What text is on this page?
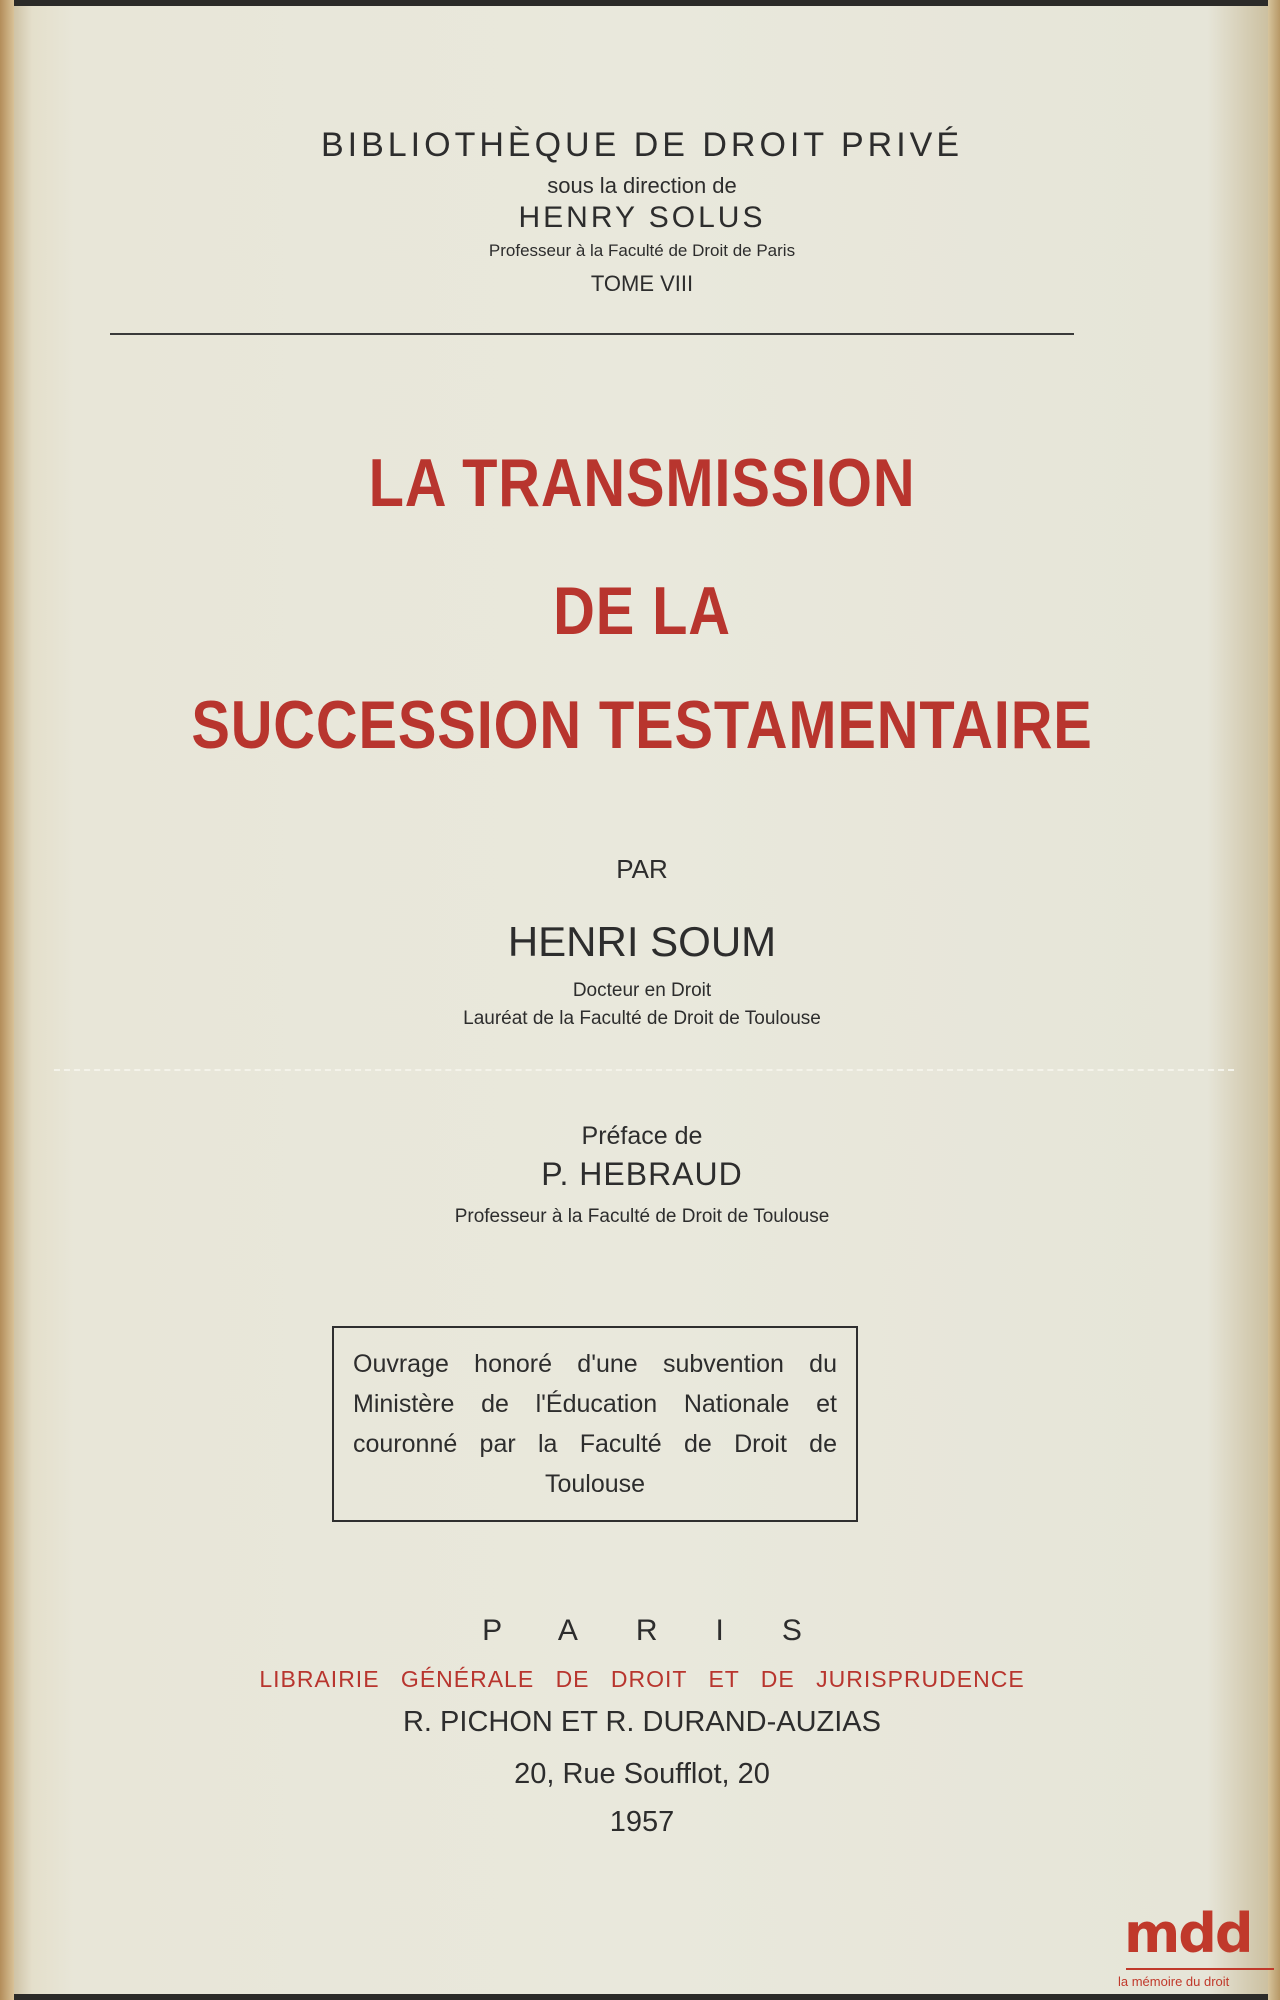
BIBLIOTHÈQUE DE DROIT PRIVÉ
sous la direction de
HENRY SOLUS
Professeur à la Faculté de Droit de Paris
TOME VIII
LA TRANSMISSION
DE LA
SUCCESSION TESTAMENTAIRE
PAR
HENRI SOUM
Docteur en Droit
Lauréat de la Faculté de Droit de Toulouse
Préface de
P. HEBRAUD
Professeur à la Faculté de Droit de Toulouse
Ouvrage honoré d'une subvention du Ministère de l'Éducation Nationale et couronné par la Faculté de Droit de Toulouse
PARIS
LIBRAIRIE GÉNÉRALE DE DROIT ET DE JURISPRUDENCE
R. PICHON ET R. DURAND-AUZIAS
20, Rue Soufflot, 20
1957
mdd
la mémoire du droit
